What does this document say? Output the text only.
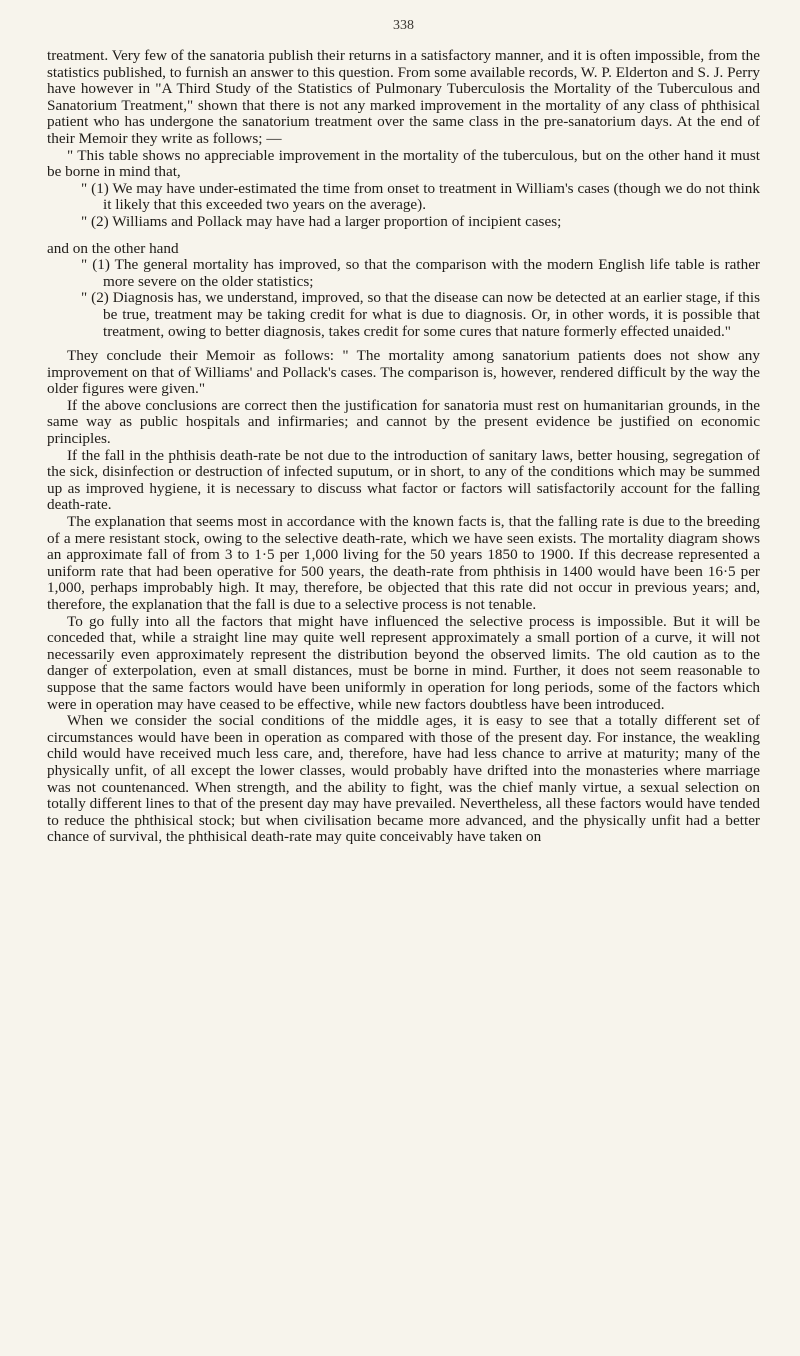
338

treatment. Very few of the sanatoria publish their returns in a satisfactory manner, and it is often impossible, from the statistics published, to furnish an answer to this question. From some available records, W. P. Elderton and S. J. Perry have however in "A Third Study of the Statistics of Pulmonary Tuberculosis the Mortality of the Tuberculous and Sanatorium Treatment," shown that there is not any marked improvement in the mortality of any class of phthisical patient who has undergone the sanatorium treatment over the same class in the pre-sanatorium days. At the end of their Memoir they write as follows; —

" This table shows no appreciable improvement in the mortality of the tuberculous, but on the other hand it must be borne in mind that,

" (1) We may have under-estimated the time from onset to treatment in William's cases (though we do not think it likely that this exceeded two years on the average).

" (2) Williams and Pollack may have had a larger proportion of incipient cases;

and on the other hand

" (1) The general mortality has improved, so that the comparison with the modern English life table is rather more severe on the older statistics;

" (2) Diagnosis has, we understand, improved, so that the disease can now be detected at an earlier stage, if this be true, treatment may be taking credit for what is due to diagnosis. Or, in other words, it is possible that treatment, owing to better diagnosis, takes credit for some cures that nature formerly effected unaided."

They conclude their Memoir as follows: " The mortality among sanatorium patients does not show any improvement on that of Williams' and Pollack's cases. The comparison is, however, rendered difficult by the way the older figures were given."

If the above conclusions are correct then the justification for sanatoria must rest on humanitarian grounds, in the same way as public hospitals and infirmaries; and cannot by the present evidence be justified on economic principles.

If the fall in the phthisis death-rate be not due to the introduction of sanitary laws, better housing, segregation of the sick, disinfection or destruction of infected suputum, or in short, to any of the conditions which may be summed up as improved hygiene, it is necessary to discuss what factor or factors will satisfactorily account for the falling death-rate.

The explanation that seems most in accordance with the known facts is, that the falling rate is due to the breeding of a mere resistant stock, owing to the selective death-rate, which we have seen exists. The mortality diagram shows an approximate fall of from 3 to 1·5 per 1,000 living for the 50 years 1850 to 1900. If this decrease represented a uniform rate that had been operative for 500 years, the death-rate from phthisis in 1400 would have been 16·5 per 1,000, perhaps improbably high. It may, therefore, be objected that this rate did not occur in previous years; and, therefore, the explanation that the fall is due to a selective process is not tenable.

To go fully into all the factors that might have influenced the selective process is impossible. But it will be conceded that, while a straight line may quite well represent approximately a small portion of a curve, it will not necessarily even approximately represent the distribution beyond the observed limits. The old caution as to the danger of exterpolation, even at small distances, must be borne in mind. Further, it does not seem reasonable to suppose that the same factors would have been uniformly in operation for long periods, some of the factors which were in operation may have ceased to be effective, while new factors doubtless have been introduced.

When we consider the social conditions of the middle ages, it is easy to see that a totally different set of circumstances would have been in operation as compared with those of the present day. For instance, the weakling child would have received much less care, and, therefore, have had less chance to arrive at maturity; many of the physically unfit, of all except the lower classes, would probably have drifted into the monasteries where marriage was not countenanced. When strength, and the ability to fight, was the chief manly virtue, a sexual selection on totally different lines to that of the present day may have prevailed. Nevertheless, all these factors would have tended to reduce the phthisical stock; but when civilisation became more advanced, and the physically unfit had a better chance of survival, the phthisical death-rate may quite conceivably have taken on
